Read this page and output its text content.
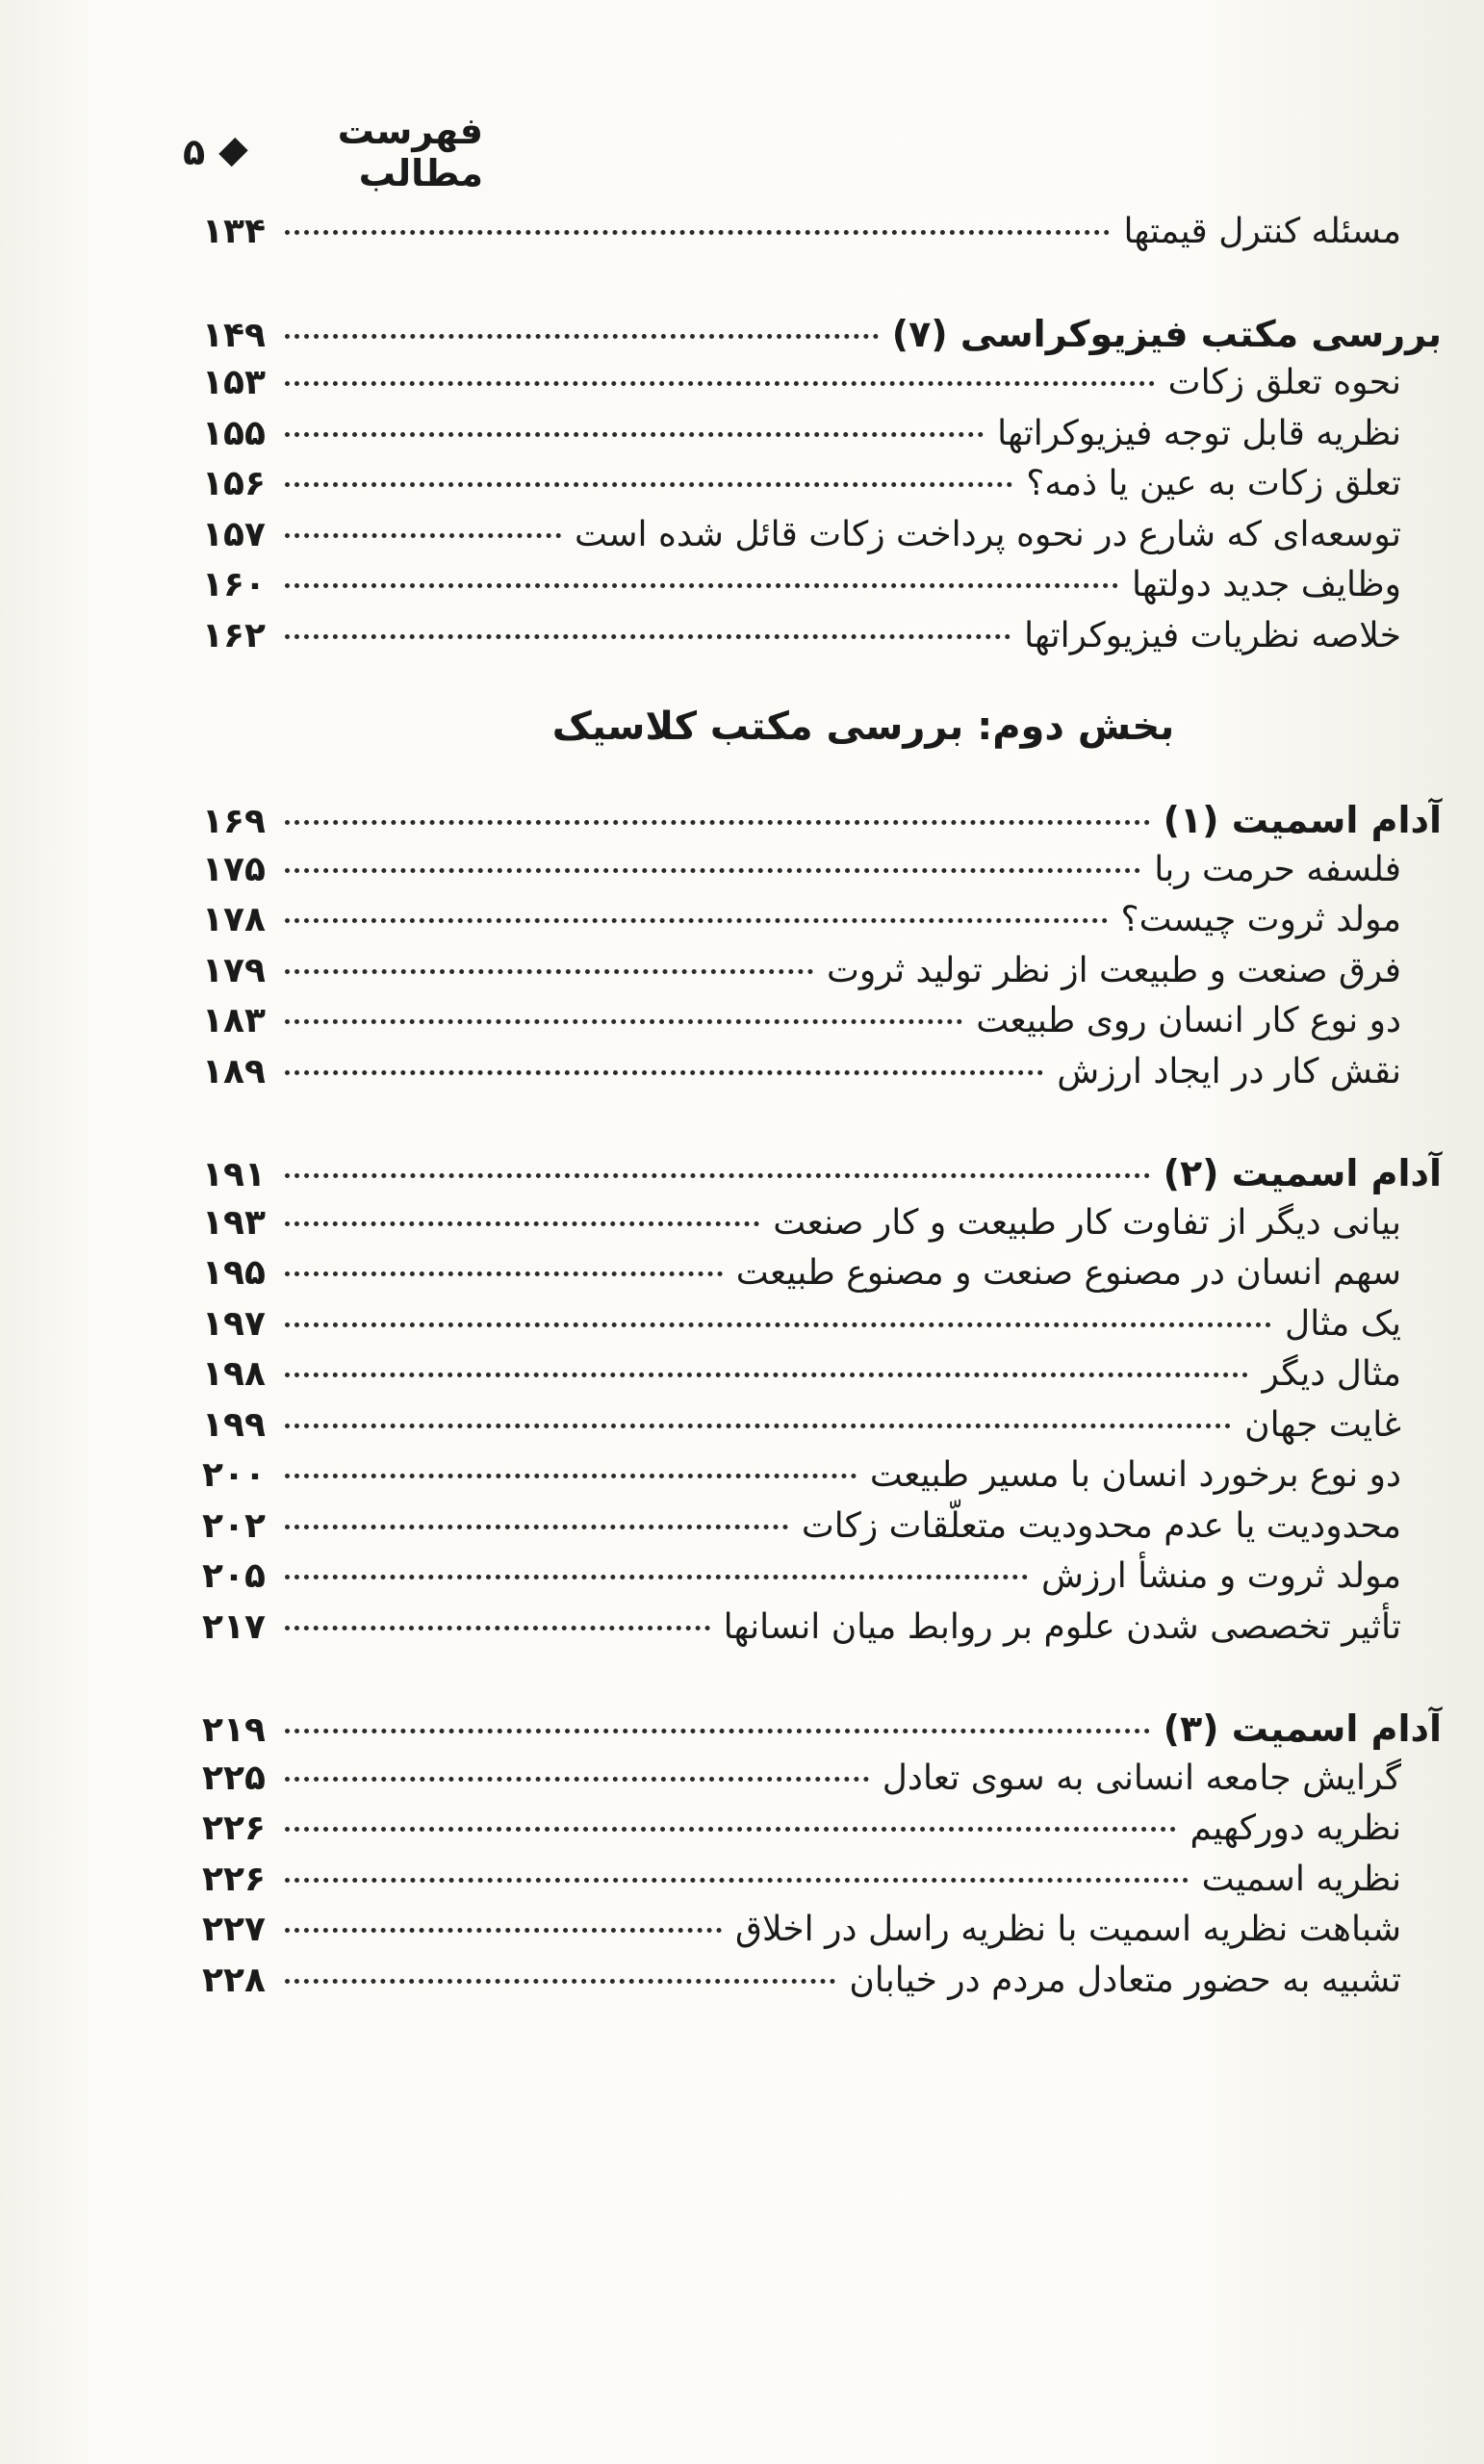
فهرست مطالب
۵
مسئله کنترل قیمتها
۱۳۴
بررسی مکتب فیزیوکراسی (۷)
۱۴۹
نحوه تعلق زکات
۱۵۳
نظریه قابل توجه فیزیوکراتها
۱۵۵
تعلق زکات به عین یا ذمه؟
۱۵۶
توسعه‌ای که شارع در نحوه پرداخت زکات قائل شده است
۱۵۷
وظایف جدید دولتها
۱۶۰
خلاصه نظریات فیزیوکراتها
۱۶۲
بخش دوم: بررسی مکتب کلاسیک
آدام اسمیت (۱)
۱۶۹
فلسفه حرمت ربا
۱۷۵
مولد ثروت چیست؟
۱۷۸
فرق صنعت و طبیعت از نظر تولید ثروت
۱۷۹
دو نوع کار انسان روی طبیعت
۱۸۳
نقش کار در ایجاد ارزش
۱۸۹
آدام اسمیت (۲)
۱۹۱
بیانی دیگر از تفاوت کار طبیعت و کار صنعت
۱۹۳
سهم انسان در مصنوع صنعت و مصنوع طبیعت
۱۹۵
یک مثال
۱۹۷
مثال دیگر
۱۹۸
غایت جهان
۱۹۹
دو نوع برخورد انسان با مسیر طبیعت
۲۰۰
محدودیت یا عدم محدودیت متعلّقات زکات
۲۰۲
مولد ثروت و منشأ ارزش
۲۰۵
تأثیر تخصصی شدن علوم بر روابط میان انسانها
۲۱۷
آدام اسمیت (۳)
۲۱۹
گرایش جامعه انسانی به سوی تعادل
۲۲۵
نظریه دورکهیم
۲۲۶
نظریه اسمیت
۲۲۶
شباهت نظریه اسمیت با نظریه راسل در اخلاق
۲۲۷
تشبیه به حضور متعادل مردم در خیابان
۲۲۸
